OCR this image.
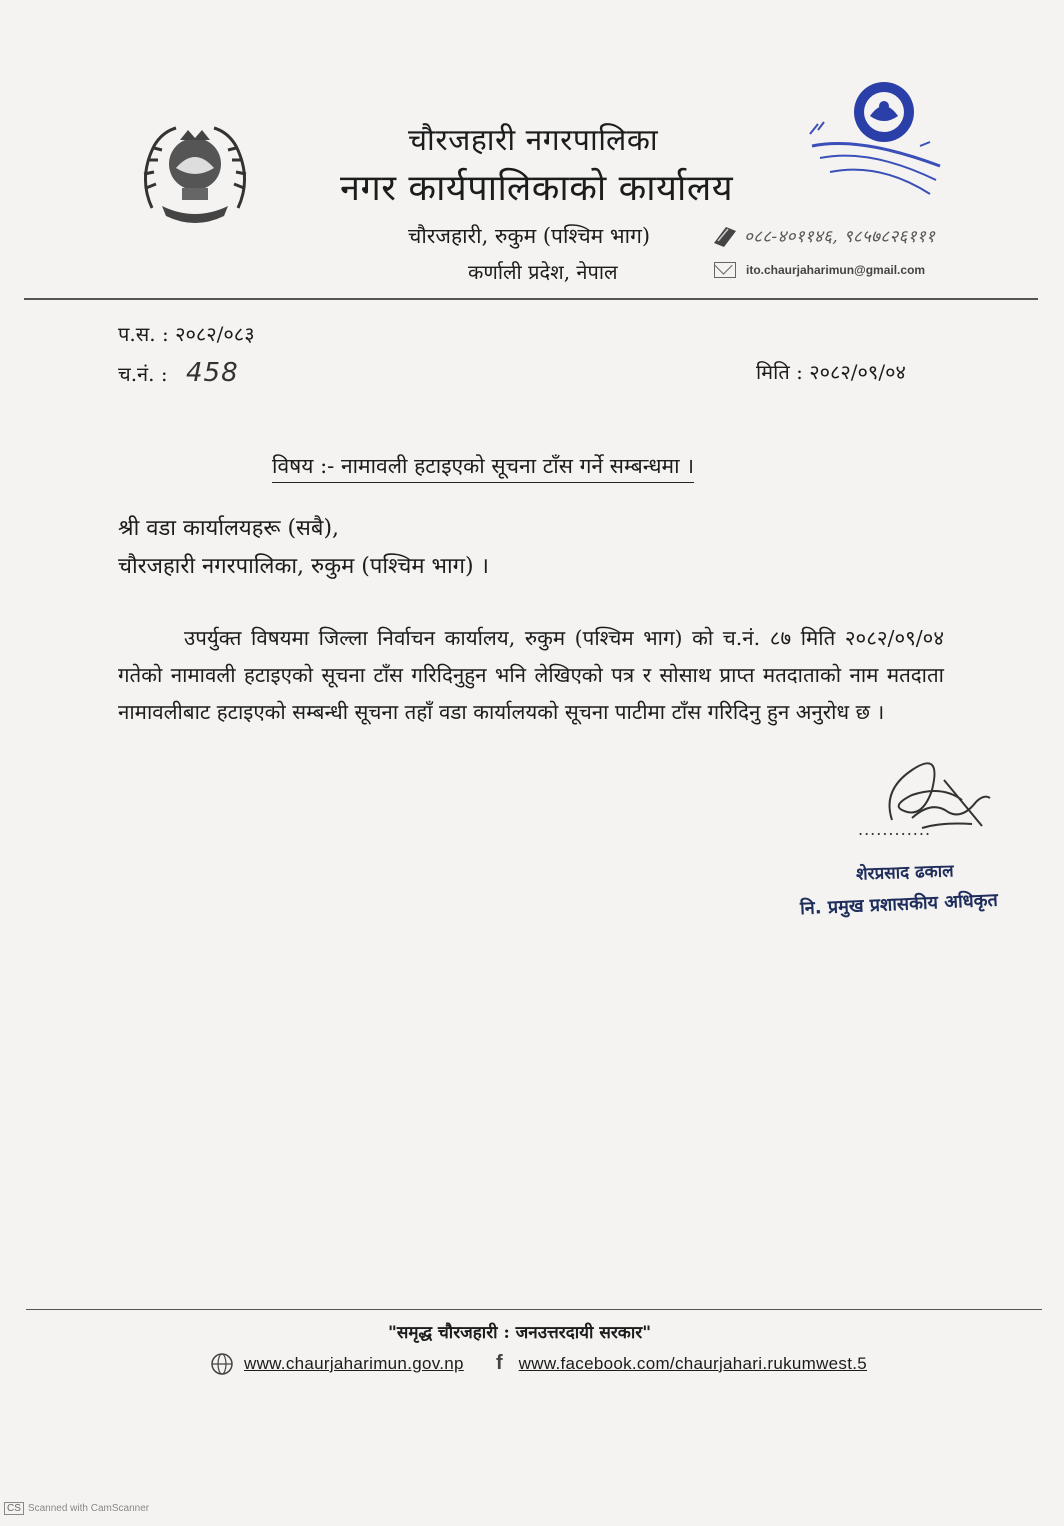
चौरजहारी नगरपालिका
नगर कार्यपालिकाको कार्यालय
चौरजहारी, रुकुम (पश्चिम भाग)
कर्णाली प्रदेश, नेपाल
०८८-४०११४६, ९८५७८२६१११
ito.chaurjaharimun@gmail.com
प.स. : २०८२/०८३
च.नं. : 458	मिति : २०८२/०९/०४
विषय :- नामावली हटाइएको सूचना टाँस गर्ने सम्बन्धमा ।
श्री वडा कार्यालयहरू (सबै),
चौरजहारी नगरपालिका, रुकुम (पश्चिम भाग) ।
उपर्युक्त विषयमा जिल्ला निर्वाचन कार्यालय, रुकुम (पश्चिम भाग) को च.नं. ८७ मिति २०८२/०९/०४ गतेको नामावली हटाइएको सूचना टाँस गरिदिनुहुन भनि लेखिएको पत्र र सोसाथ प्राप्त मतदाताको नाम मतदाता नामावलीबाट हटाइएको सम्बन्धी सूचना तहाँ वडा कार्यालयको सूचना पाटीमा टाँस गरिदिनु हुन अनुरोध छ ।
............
शेरप्रसाद ढकाल
नि. प्रमुख प्रशासकीय अधिकृत
"समृद्ध चौरजहारी : जनउत्तरदायी सरकार"
www.chaurjaharimun.gov.np f www.facebook.com/chaurjahari.rukumwest.5
CS Scanned with CamScanner
